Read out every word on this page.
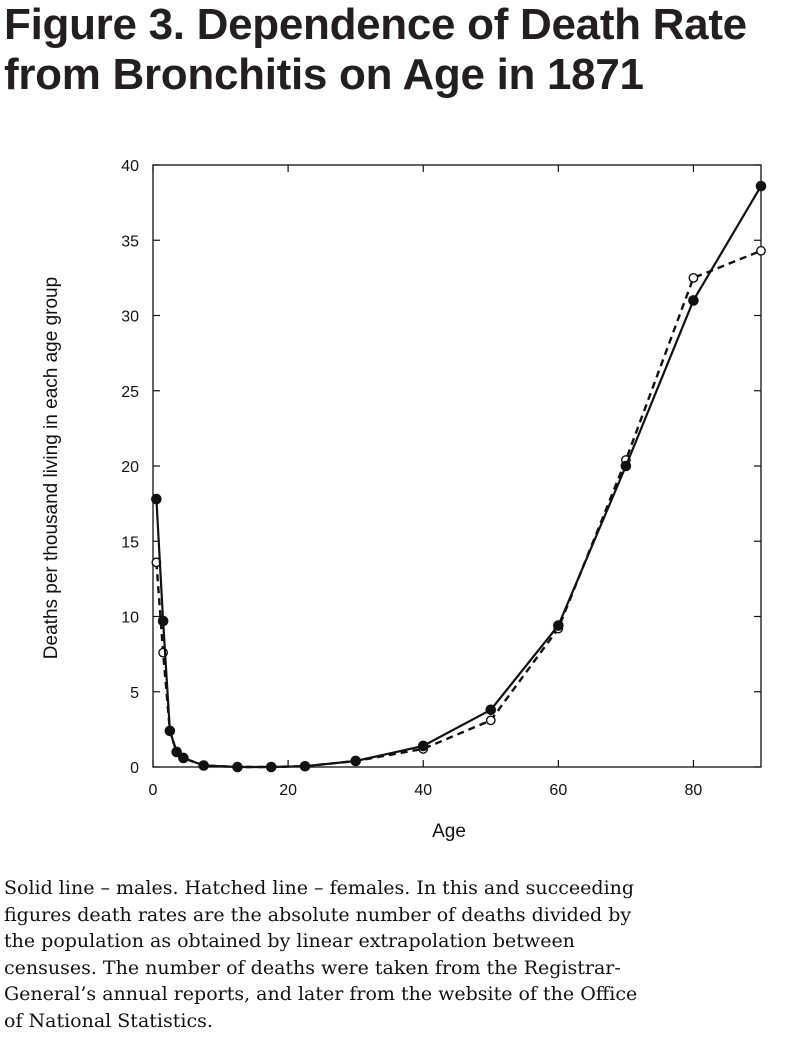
Figure 3. Dependence of Death Rate
from Bronchitis on Age in 1871
0
5
10
15
20
25
30
35
40
0	20	40	60	80
Age
Deaths per thousand living in each age group
Solid line – males. Hatched line – females. In this and succeeding
figures death rates are the absolute number of deaths divided by
the population as obtained by linear extrapolation between
censuses. The number of deaths were taken from the Registrar-
General’s annual reports, and later from the website of the Office
of National Statistics.
